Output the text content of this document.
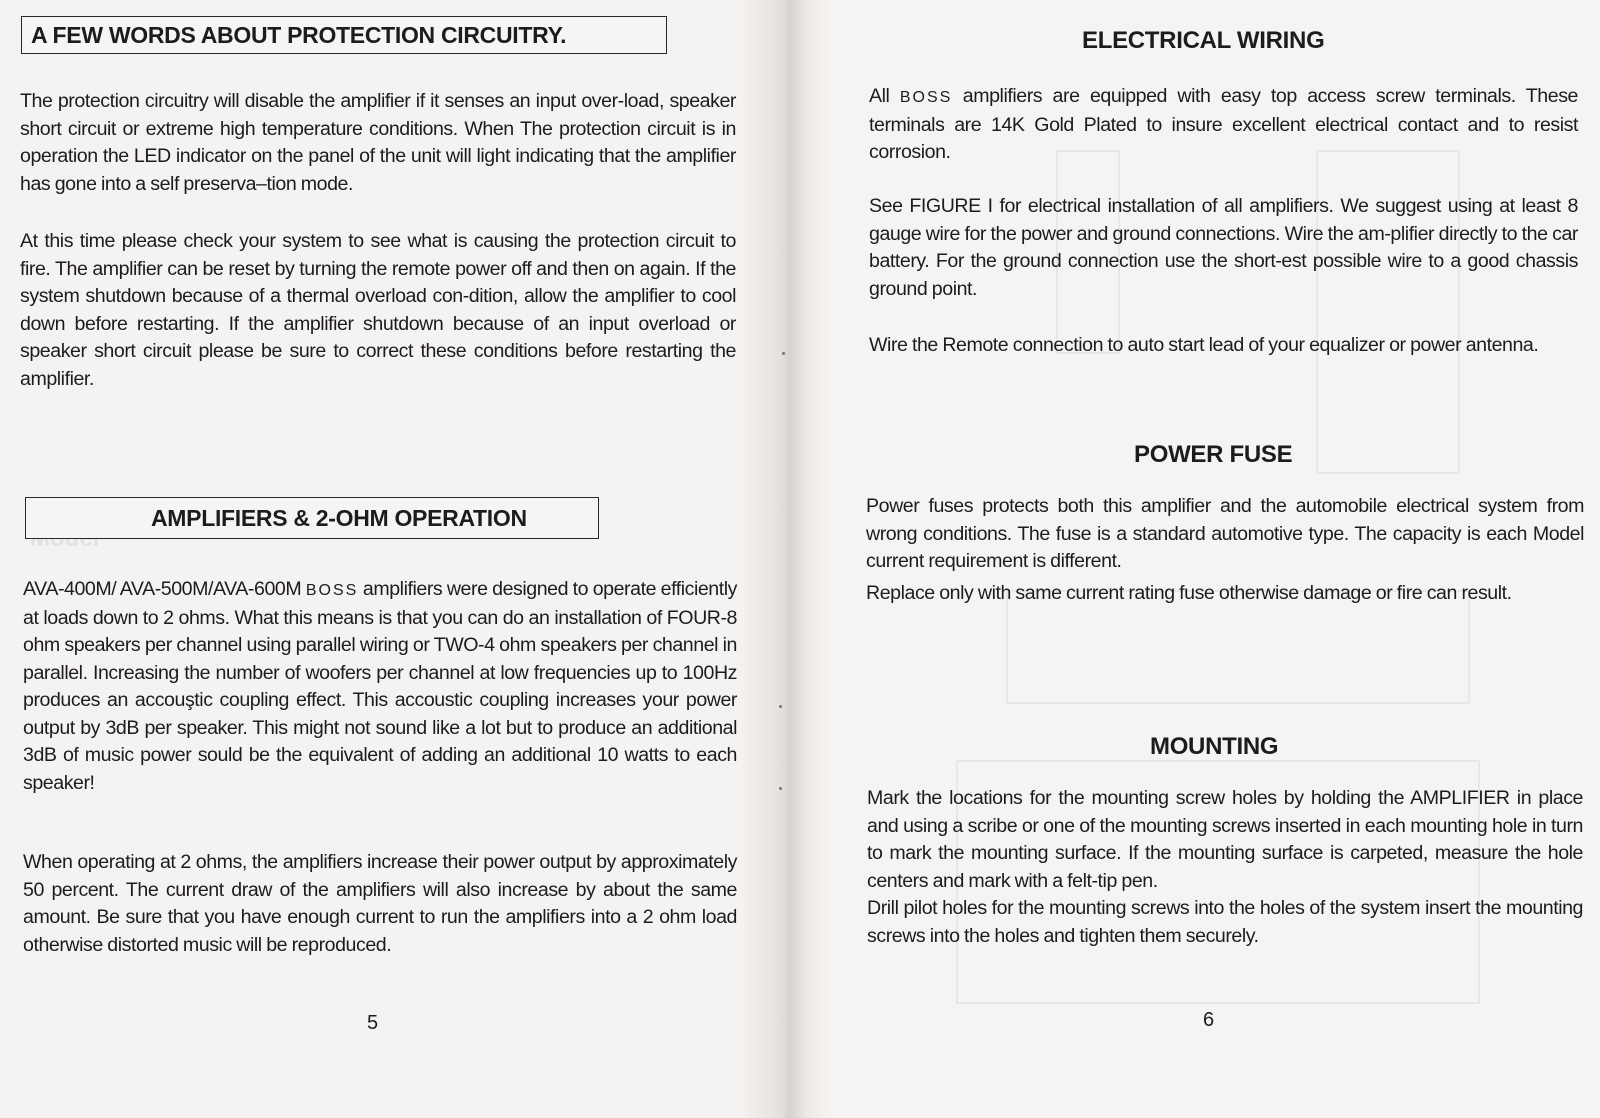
A FEW WORDS ABOUT PROTECTION CIRCUITRY.
The protection circuitry will disable the amplifier if it senses an input over-load, speaker short circuit or extreme high temperature conditions. When The protection circuit is in operation the LED indicator on the panel of the unit will light indicating that the amplifier has gone into a self preserva–tion mode.
At this time please check your system to see what is causing the protection circuit to fire. The amplifier can be reset by turning the remote power off and then on again. If the system shutdown because of a thermal overload con-dition, allow the amplifier to cool down before restarting. If the amplifier shutdown because of an input overload or speaker short circuit please be sure to correct these conditions before restarting the amplifier.
AMPLIFIERS & 2-OHM OPERATION
AVA-400M/ AVA-500M/AVA-600M BOSS amplifiers were designed to operate efficiently at loads down to 2 ohms. What this means is that you can do an installation of FOUR-8 ohm speakers per channel using parallel wiring or TWO-4 ohm speakers per channel in parallel. Increasing the number of woofers per channel at low frequencies up to 100Hz produces an accouştic coupling effect. This accoustic coupling increases your power output by 3dB per speaker. This might not sound like a lot but to produce an additional 3dB of music power sould be the equivalent of adding an additional 10 watts to each speaker!
When operating at 2 ohms, the amplifiers increase their power output by approximately 50 percent. The current draw of the amplifiers will also increase by about the same amount. Be sure that you have enough current to run the amplifiers into a 2 ohm load otherwise distorted music will be reproduced.
5
ELECTRICAL WIRING
All BOSS amplifiers are equipped with easy top access screw terminals. These terminals are 14K Gold Plated to insure excellent electrical contact and to resist corrosion.
See FIGURE I for electrical installation of all amplifiers. We suggest using at least 8 gauge wire for the power and ground connections. Wire the am-plifier directly to the car battery. For the ground connection use the short-est possible wire to a good chassis ground point.
Wire the Remote connection to auto start lead of your equalizer or power antenna.
POWER FUSE
Power fuses protects both this amplifier and the automobile electrical system from wrong conditions. The fuse is a standard automotive type. The capacity is each Model current requirement is different.
Replace only with same current rating fuse otherwise damage or fire can result.
MOUNTING
Mark the locations for the mounting screw holes by holding the AMPLIFIER in place and using a scribe or one of the mounting screws inserted in each mounting hole in turn to mark the mounting surface. If the mounting surface is carpeted, measure the hole centers and mark with a felt-tip pen.
Drill pilot holes for the mounting screws into the holes of the system insert the mounting screws into the holes and tighten them securely.
6
